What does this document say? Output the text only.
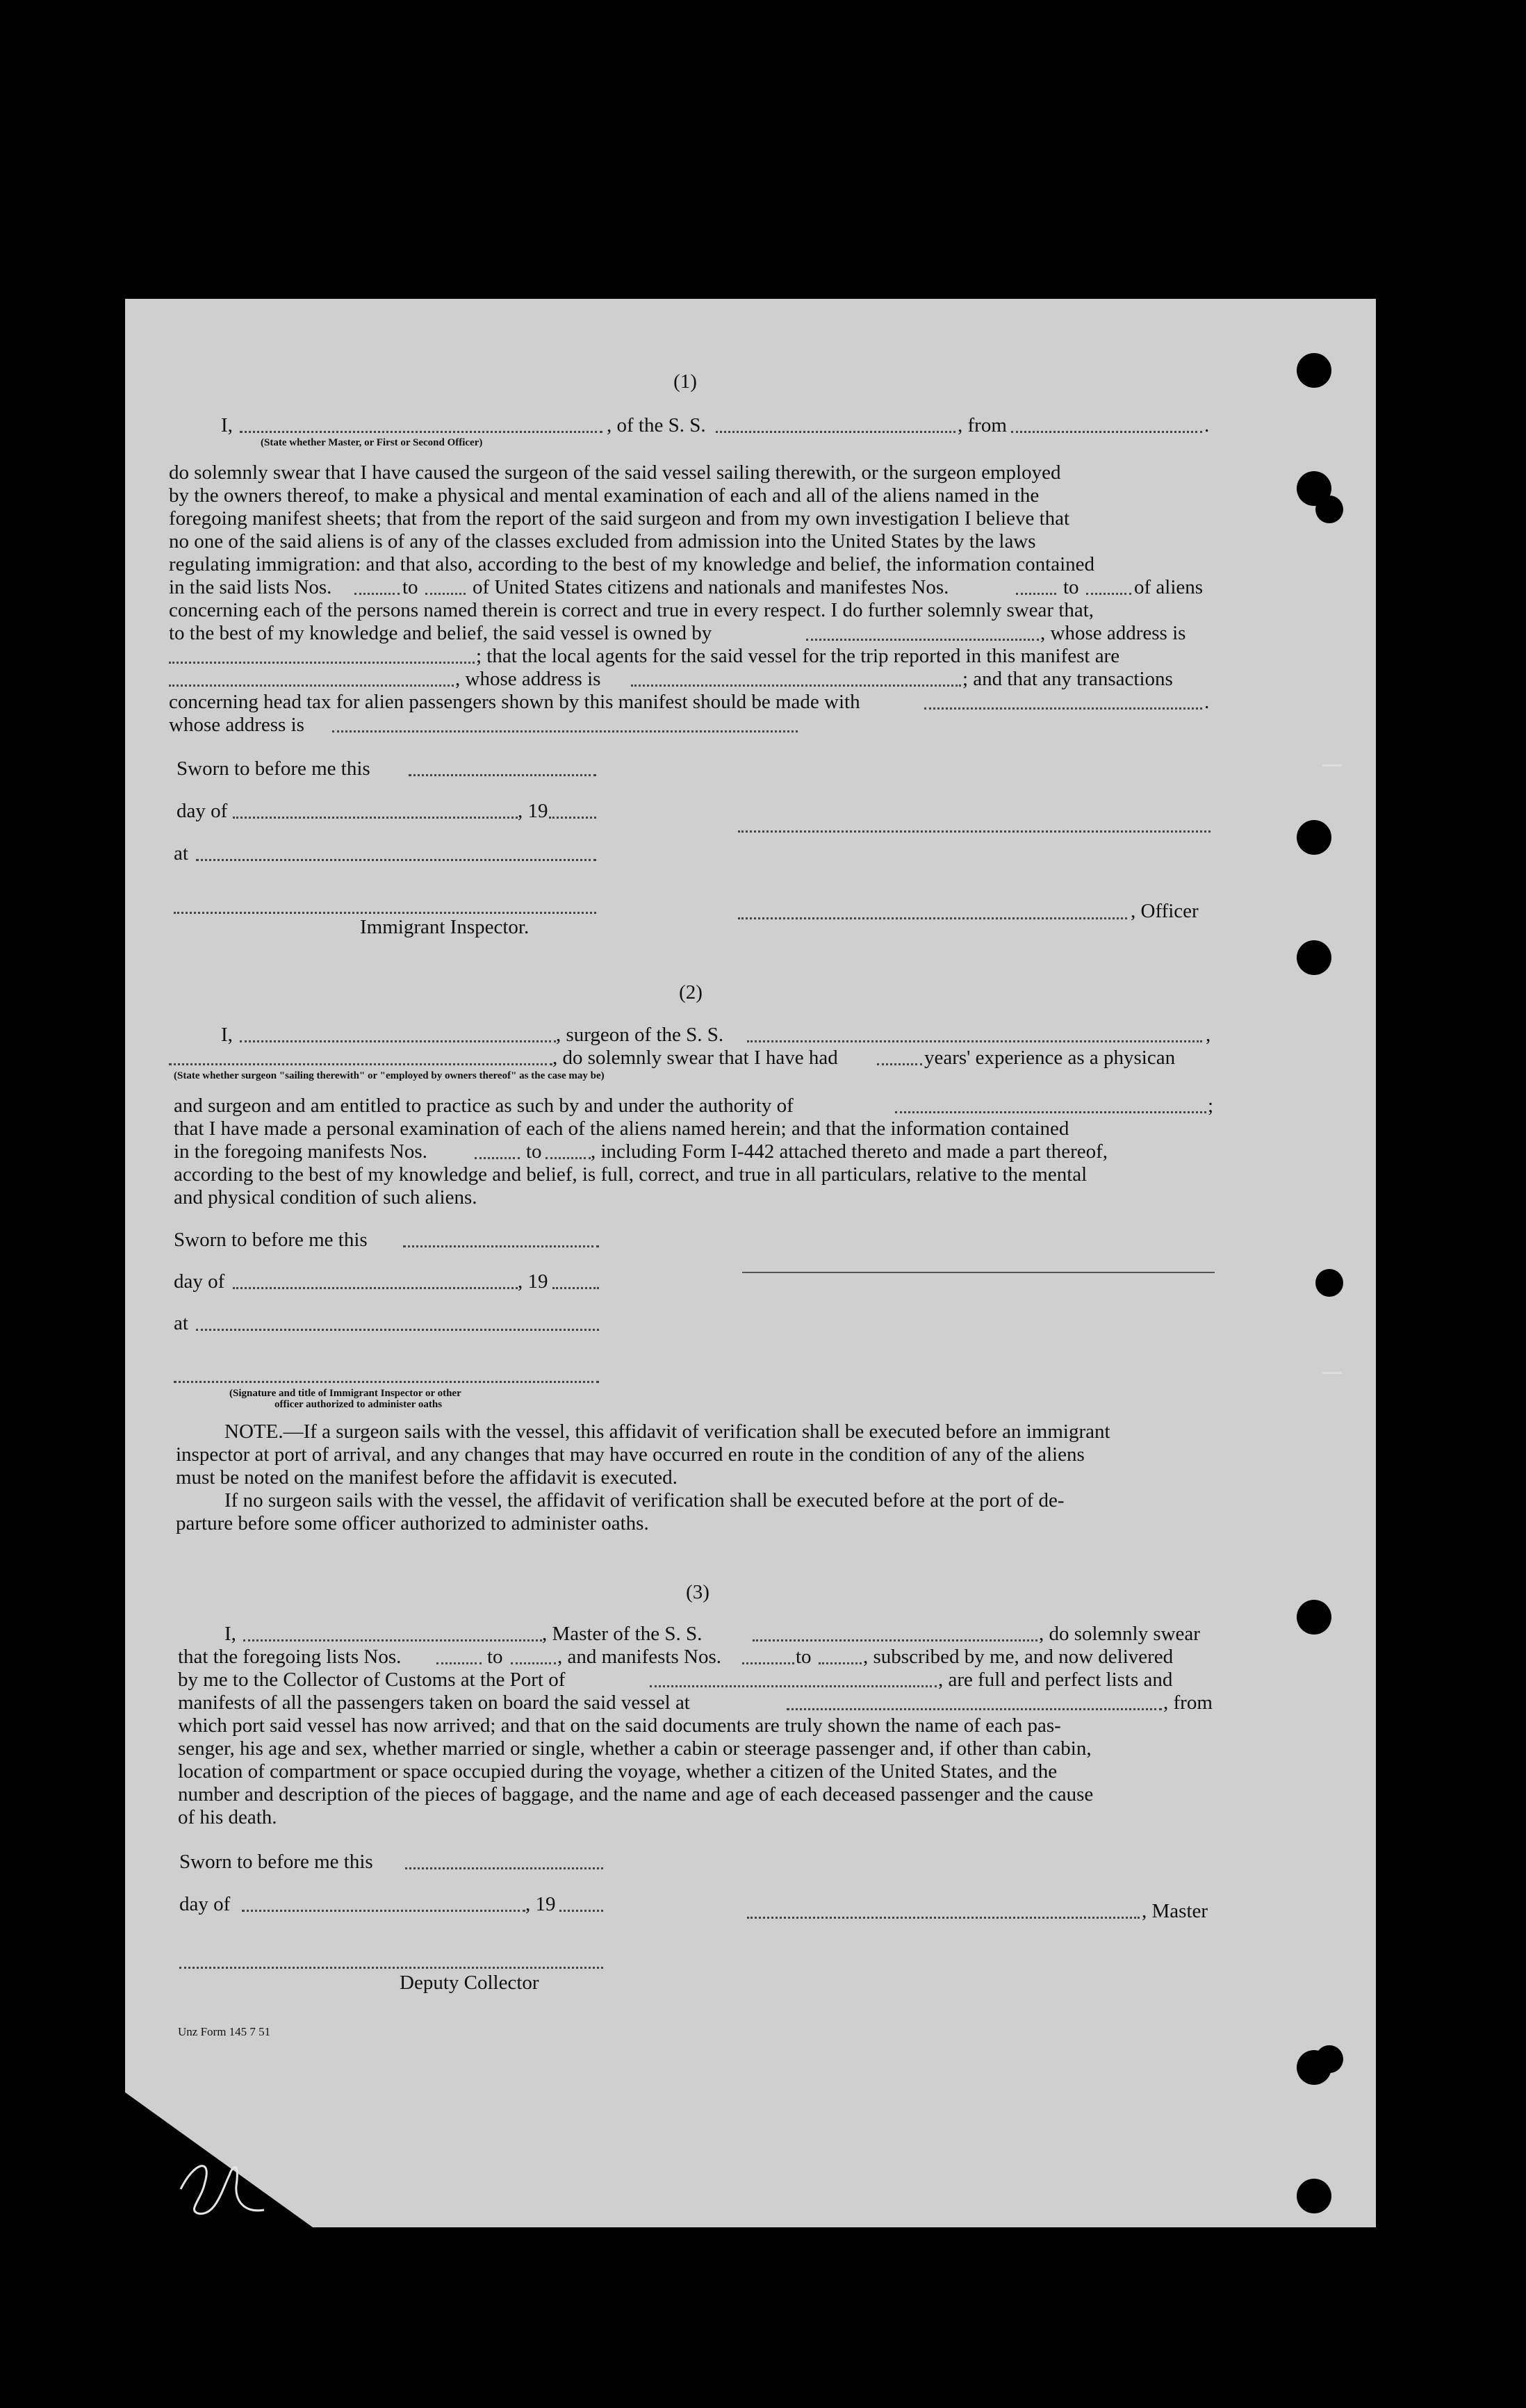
(1)
I,	, of the S. S.	, from	.
(State whether Master, or First or Second Officer)
do solemnly swear that I have caused the surgeon of the said vessel sailing therewith, or the surgeon employed
by the owners thereof, to make a physical and mental examination of each and all of the aliens named in the
foregoing manifest sheets; that from the report of the said surgeon and from my own investigation I believe that
no one of the said aliens is of any of the classes excluded from admission into the United States by the laws
regulating immigration: and that also, according to the best of my knowledge and belief, the information contained
in the said lists Nos.	to	of United States citizens and nationals and manifestes Nos.	to	of aliens
concerning each of the persons named therein is correct and true in every respect. I do further solemnly swear that,
to the best of my knowledge and belief, the said vessel is owned by	, whose address is
; that the local agents for the said vessel for the trip reported in this manifest are
, whose address is	; and that any transactions
concerning head tax for alien passengers shown by this manifest should be made with	.
whose address is
Sworn to before me this
day of	, 19
at
, Officer
Immigrant Inspector.
(2)
I,	, surgeon of the S. S.	,
, do solemnly swear that I have had	years' experience as a physican
(State whether surgeon "sailing therewith" or "employed by owners thereof" as the case may be)
and surgeon and am entitled to practice as such by and under the authority of	;
that I have made a personal examination of each of the aliens named herein; and that the information contained
in the foregoing manifests Nos.	to , including Form I-442 attached thereto and made a part thereof,
according to the best of my knowledge and belief, is full, correct, and true in all particulars, relative to the mental
and physical condition of such aliens.
Sworn to before me this
day of	, 19
at
(Signature and title of Immigrant Inspector or other
officer authorized to administer oaths
NOTE.—If a surgeon sails with the vessel, this affidavit of verification shall be executed before an immigrant
inspector at port of arrival, and any changes that may have occurred en route in the condition of any of the aliens
must be noted on the manifest before the affidavit is executed.
If no surgeon sails with the vessel, the affidavit of verification shall be executed before at the port of de-
parture before some officer authorized to administer oaths.
(3)
I,	, Master of the S. S.	, do solemnly swear
that the foregoing lists Nos.	to	, and manifests Nos.	to	, subscribed by me, and now delivered
by me to the Collector of Customs at the Port of	, are full and perfect lists and
manifests of all the passengers taken on board the said vessel at	, from
which port said vessel has now arrived; and that on the said documents are truly shown the name of each pas-
senger, his age and sex, whether married or single, whether a cabin or steerage passenger and, if other than cabin,
location of compartment or space occupied during the voyage, whether a citizen of the United States, and the
number and description of the pieces of baggage, and the name and age of each deceased passenger and the cause
of his death.
Sworn to before me this
day of	, 19	, Master
Deputy Collector
Unz Form 145 7 51
